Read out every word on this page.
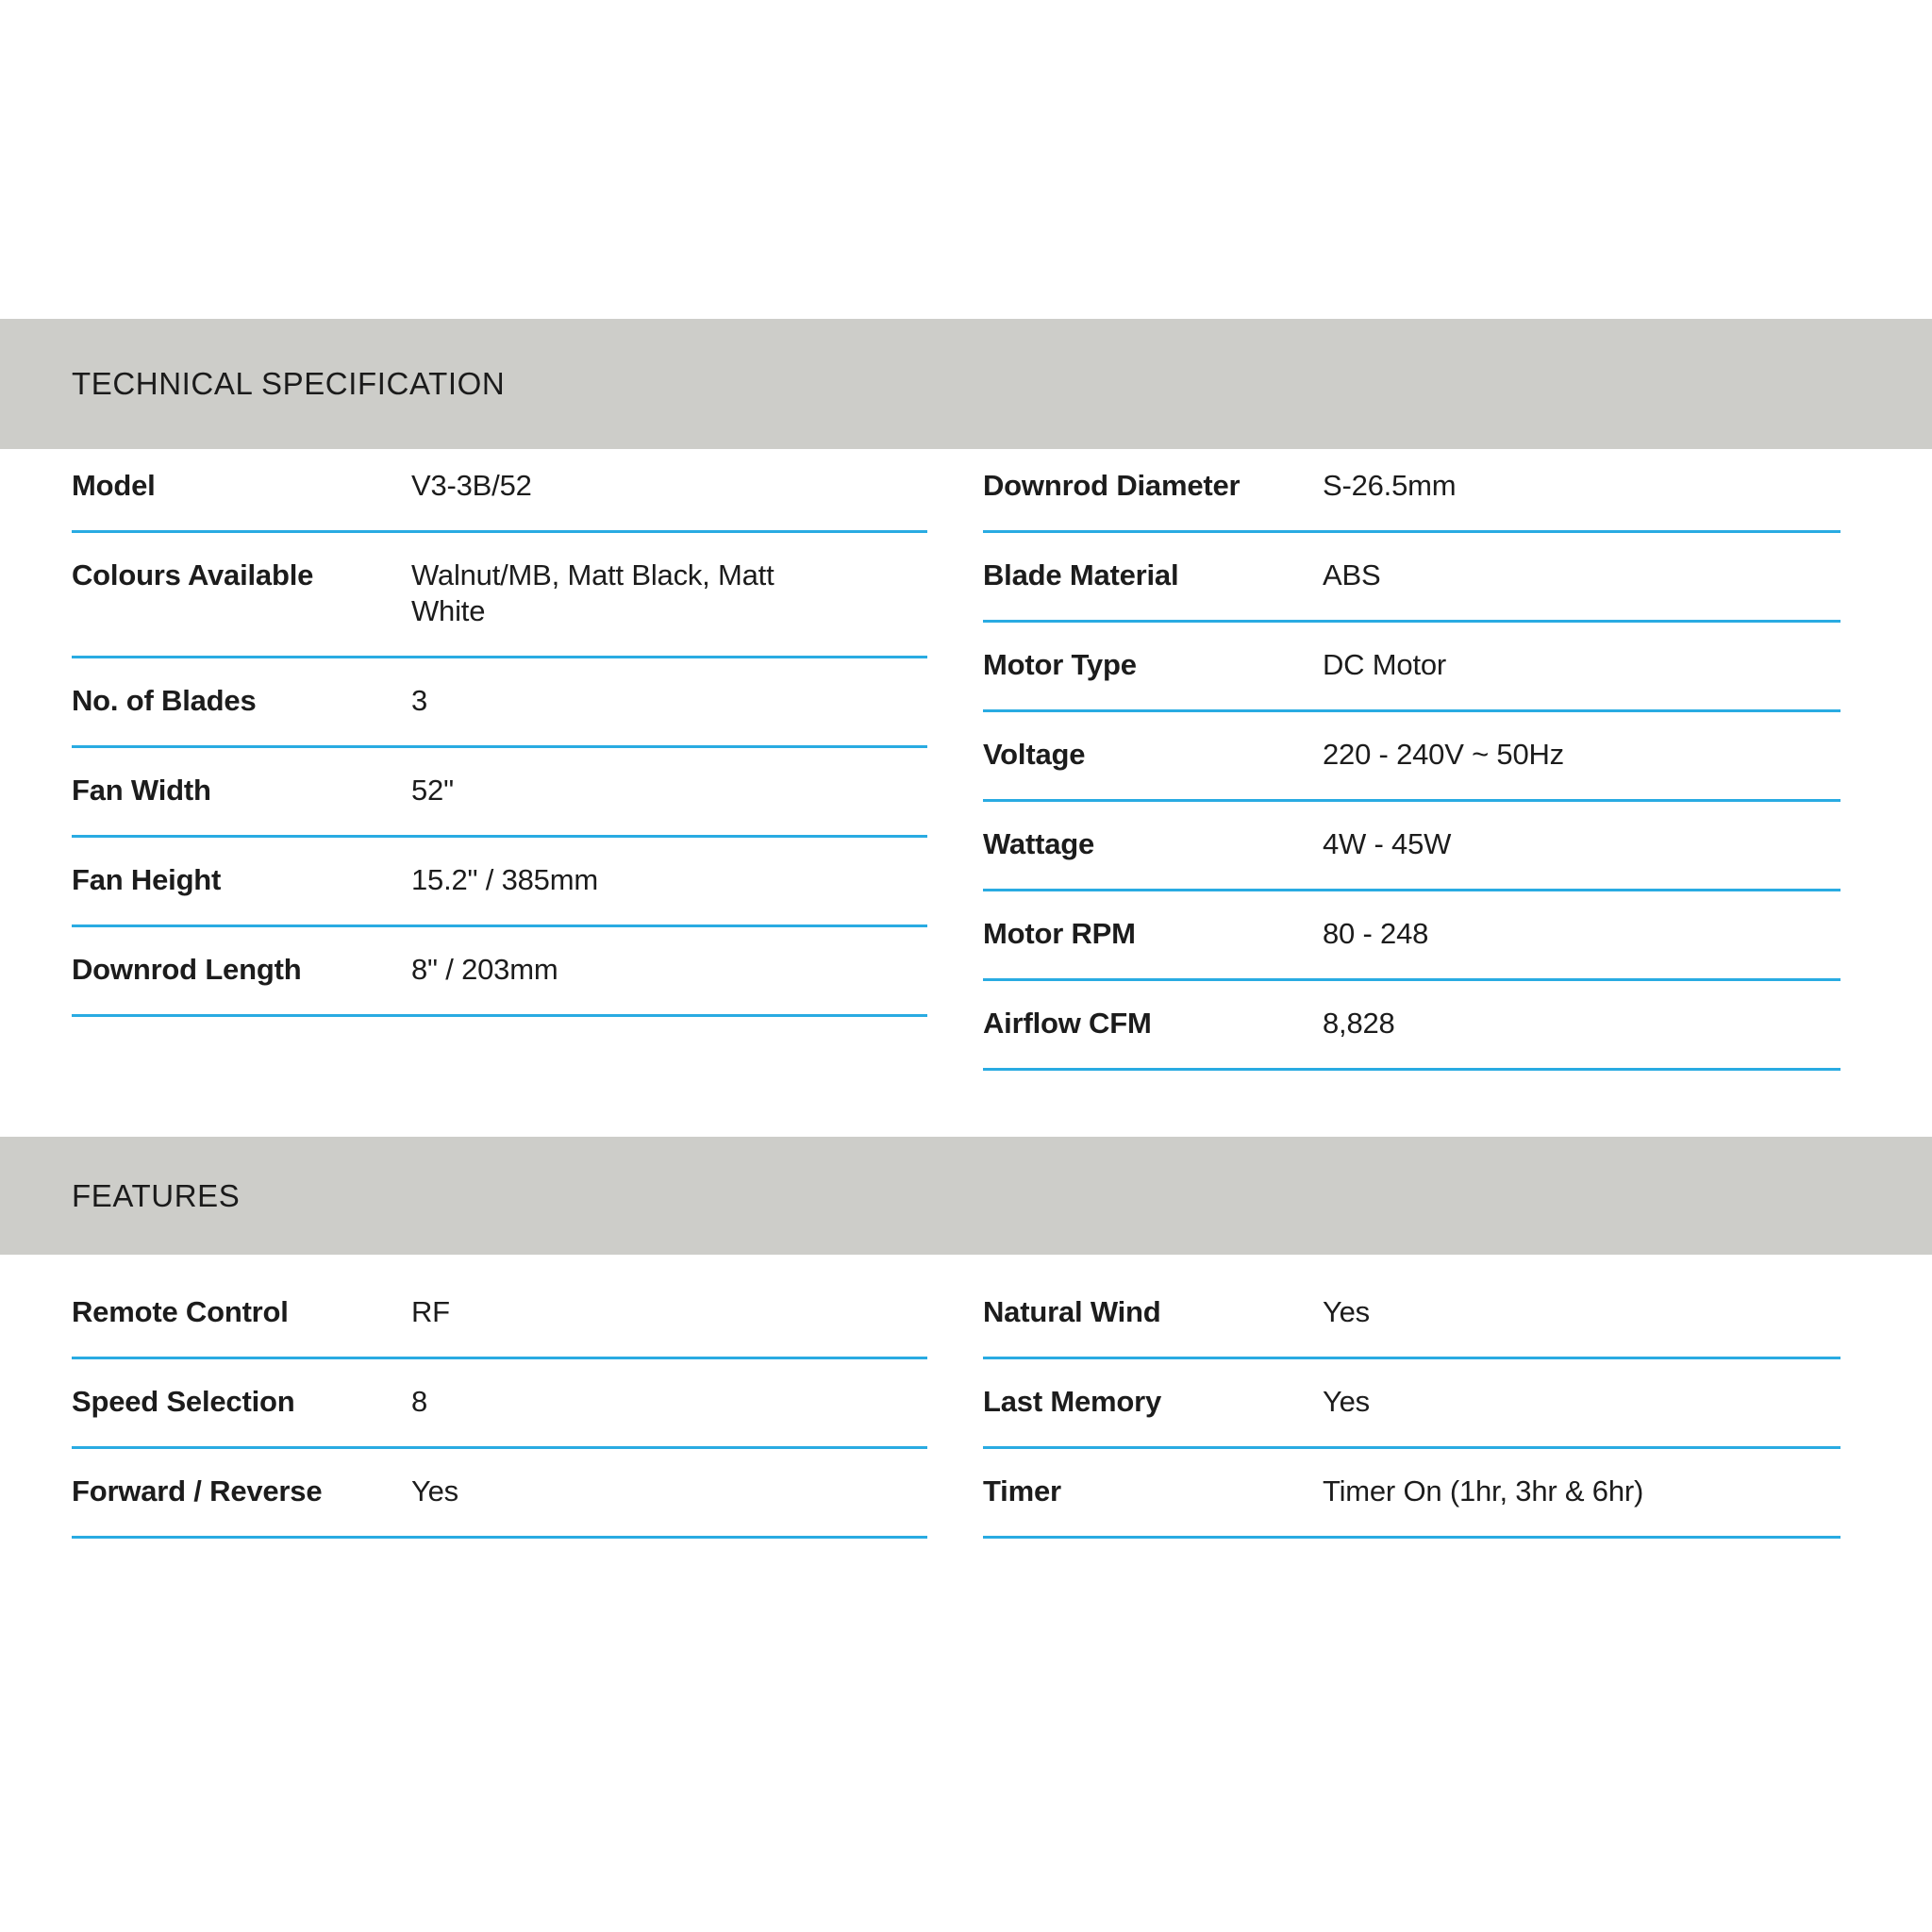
TECHNICAL SPECIFICATION
Model	V3-3B/52
Colours Available	Walnut/MB, Matt Black, Matt White
No. of Blades	3
Fan Width	52"
Fan Height	15.2" / 385mm
Downrod Length	8" / 203mm
Downrod Diameter	S-26.5mm
Blade Material	ABS
Motor Type	DC Motor
Voltage	220 - 240V ~ 50Hz
Wattage	4W - 45W
Motor RPM	80 - 248
Airflow CFM	8,828
FEATURES
Remote Control	RF
Speed Selection	8
Forward / Reverse	Yes
Natural Wind	Yes
Last Memory	Yes
Timer	Timer On (1hr, 3hr & 6hr)
